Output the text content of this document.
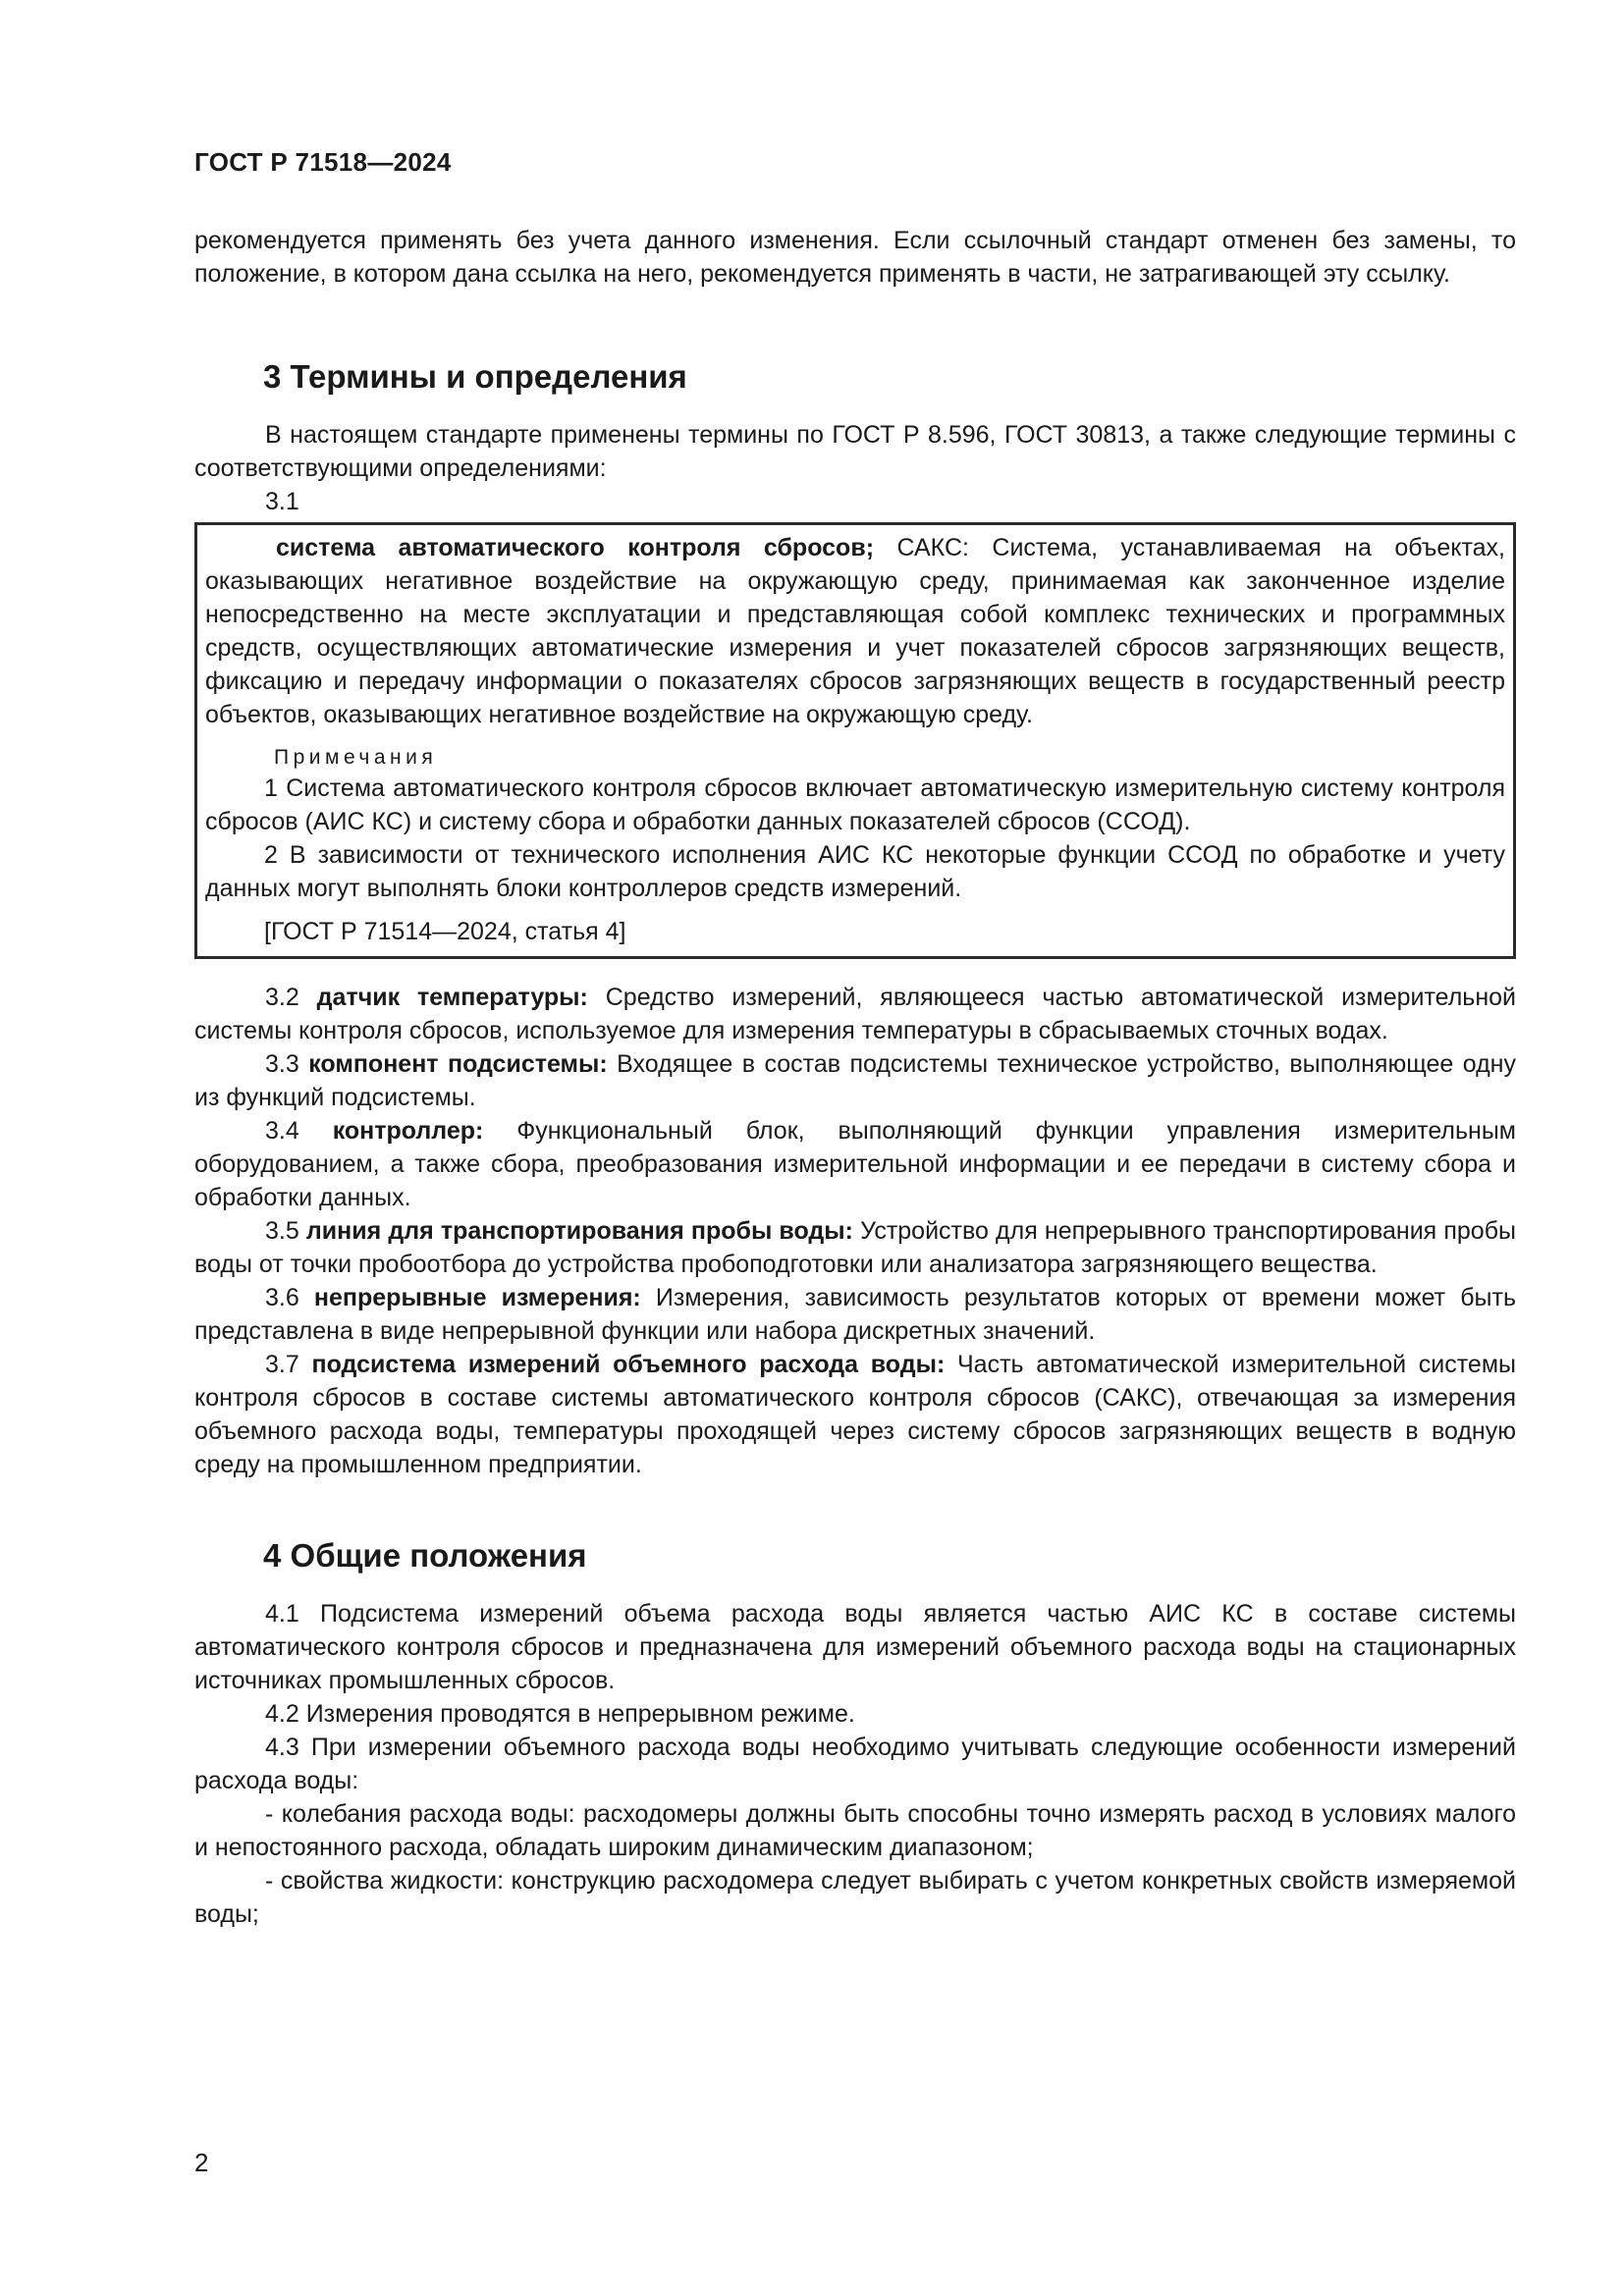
ГОСТ Р 71518—2024

рекомендуется применять без учета данного изменения. Если ссылочный стандарт отменен без замены, то положение, в котором дана ссылка на него, рекомендуется применять в части, не затрагивающей эту ссылку.

3 Термины и определения

В настоящем стандарте применены термины по ГОСТ Р 8.596, ГОСТ 30813, а также следующие термины с соответствующими определениями:

3.1

система автоматического контроля сбросов; САКС: Система, устанавливаемая на объектах, оказывающих негативное воздействие на окружающую среду, принимаемая как законченное изделие непосредственно на месте эксплуатации и представляющая собой комплекс технических и программных средств, осуществляющих автоматические измерения и учет показателей сбросов загрязняющих веществ, фиксацию и передачу информации о показателях сбросов загрязняющих веществ в государственный реестр объектов, оказывающих негативное воздействие на окружающую среду.

Примечания

1 Система автоматического контроля сбросов включает автоматическую измерительную систему контроля сбросов (АИС КС) и систему сбора и обработки данных показателей сбросов (ССОД).

2 В зависимости от технического исполнения АИС КС некоторые функции ССОД по обработке и учету данных могут выполнять блоки контроллеров средств измерений.

[ГОСТ Р 71514—2024, статья 4]

3.2 датчик температуры: Средство измерений, являющееся частью автоматической измерительной системы контроля сбросов, используемое для измерения температуры в сбрасываемых сточных водах.

3.3 компонент подсистемы: Входящее в состав подсистемы техническое устройство, выполняющее одну из функций подсистемы.

3.4 контроллер: Функциональный блок, выполняющий функции управления измерительным оборудованием, а также сбора, преобразования измерительной информации и ее передачи в систему сбора и обработки данных.

3.5 линия для транспортирования пробы воды: Устройство для непрерывного транспортирования пробы воды от точки пробоотбора до устройства пробоподготовки или анализатора загрязняющего вещества.

3.6 непрерывные измерения: Измерения, зависимость результатов которых от времени может быть представлена в виде непрерывной функции или набора дискретных значений.

3.7 подсистема измерений объемного расхода воды: Часть автоматической измерительной системы контроля сбросов в составе системы автоматического контроля сбросов (САКС), отвечающая за измерения объемного расхода воды, температуры проходящей через систему сбросов загрязняющих веществ в водную среду на промышленном предприятии.

4 Общие положения

4.1 Подсистема измерений объема расхода воды является частью АИС КС в составе системы автоматического контроля сбросов и предназначена для измерений объемного расхода воды на стационарных источниках промышленных сбросов.

4.2 Измерения проводятся в непрерывном режиме.

4.3 При измерении объемного расхода воды необходимо учитывать следующие особенности измерений расхода воды:

- колебания расхода воды: расходомеры должны быть способны точно измерять расход в условиях малого и непостоянного расхода, обладать широким динамическим диапазоном;

- свойства жидкости: конструкцию расходомера следует выбирать с учетом конкретных свойств измеряемой воды;

2
